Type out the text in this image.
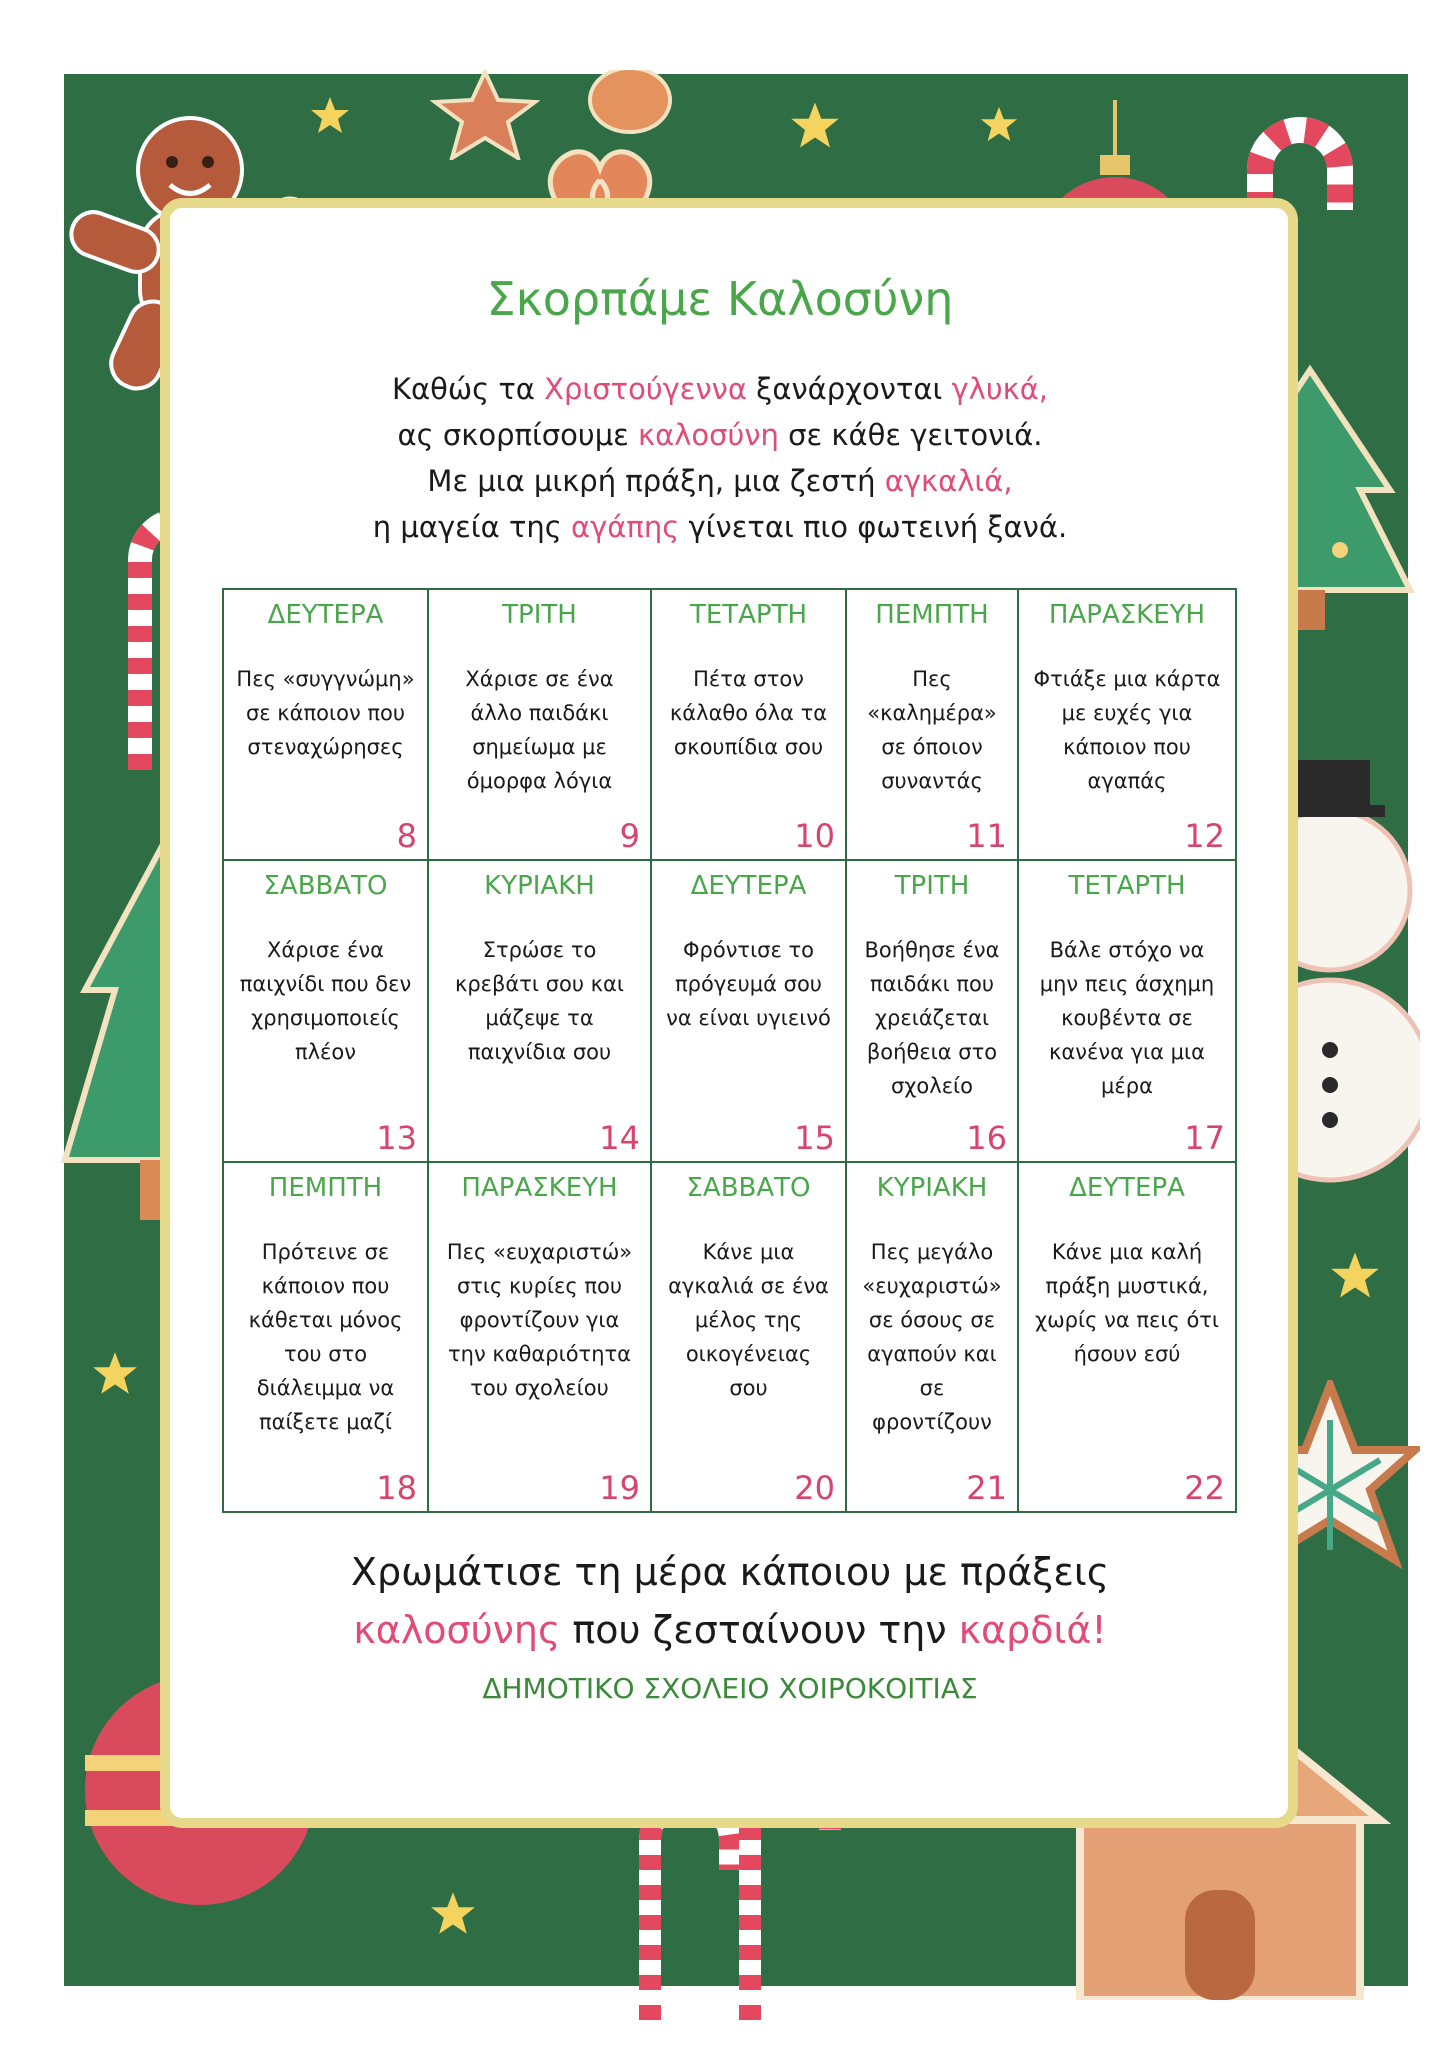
Σκορπάμε Καλοσύνη
Καθώς τα Χριστούγεννα ξανάρχονται γλυκά,
ας σκορπίσουμε καλοσύνη σε κάθε γειτονιά.
Με μια μικρή πράξη, μια ζεστή αγκαλιά,
η μαγεία της αγάπης γίνεται πιο φωτεινή ξανά.
ΔΕΥΤΕΡΑ
Πες «συγγνώμη» σε κάποιον που στεναχώρησες
8
ΤΡΙΤΗ
Χάρισε σε ένα άλλο παιδάκι σημείωμα με όμορφα λόγια
9
ΤΕΤΑΡΤΗ
Πέτα στον κάλαθο όλα τα σκουπίδια σου
10
ΠΕΜΠΤΗ
Πες «καλημέρα» σε όποιον συναντάς
11
ΠΑΡΑΣΚΕΥΗ
Φτιάξε μια κάρτα με ευχές για κάποιον που αγαπάς
12
ΣΑΒΒΑΤΟ
Χάρισε ένα παιχνίδι που δεν χρησιμοποιείς πλέον
13
ΚΥΡΙΑΚΗ
Στρώσε το κρεβάτι σου και μάζεψε τα παιχνίδια σου
14
ΔΕΥΤΕΡΑ
Φρόντισε το πρόγευμά σου να είναι υγιεινό
15
ΤΡΙΤΗ
Βοήθησε ένα παιδάκι που χρειάζεται βοήθεια στο σχολείο
16
ΤΕΤΑΡΤΗ
Βάλε στόχο να μην πεις άσχημη κουβέντα σε κανένα για μια μέρα
17
ΠΕΜΠΤΗ
Πρότεινε σε κάποιον που κάθεται μόνος του στο διάλειμμα να παίξετε μαζί
18
ΠΑΡΑΣΚΕΥΗ
Πες «ευχαριστώ» στις κυρίες που φροντίζουν για την καθαριότητα του σχολείου
19
ΣΑΒΒΑΤΟ
Κάνε μια αγκαλιά σε ένα μέλος της οικογένειας σου
20
ΚΥΡΙΑΚΗ
Πες μεγάλο «ευχαριστώ» σε όσους σε αγαπούν και σε φροντίζουν
21
ΔΕΥΤΕΡΑ
Κάνε μια καλή πράξη μυστικά, χωρίς να πεις ότι ήσουν εσύ
22
Χρωμάτισε τη μέρα κάποιου με πράξεις
καλοσύνης που ζεσταίνουν την καρδιά!
ΔΗΜΟΤΙΚΟ ΣΧΟΛΕΙΟ ΧΟΙΡΟΚΟΙΤΙΑΣ
